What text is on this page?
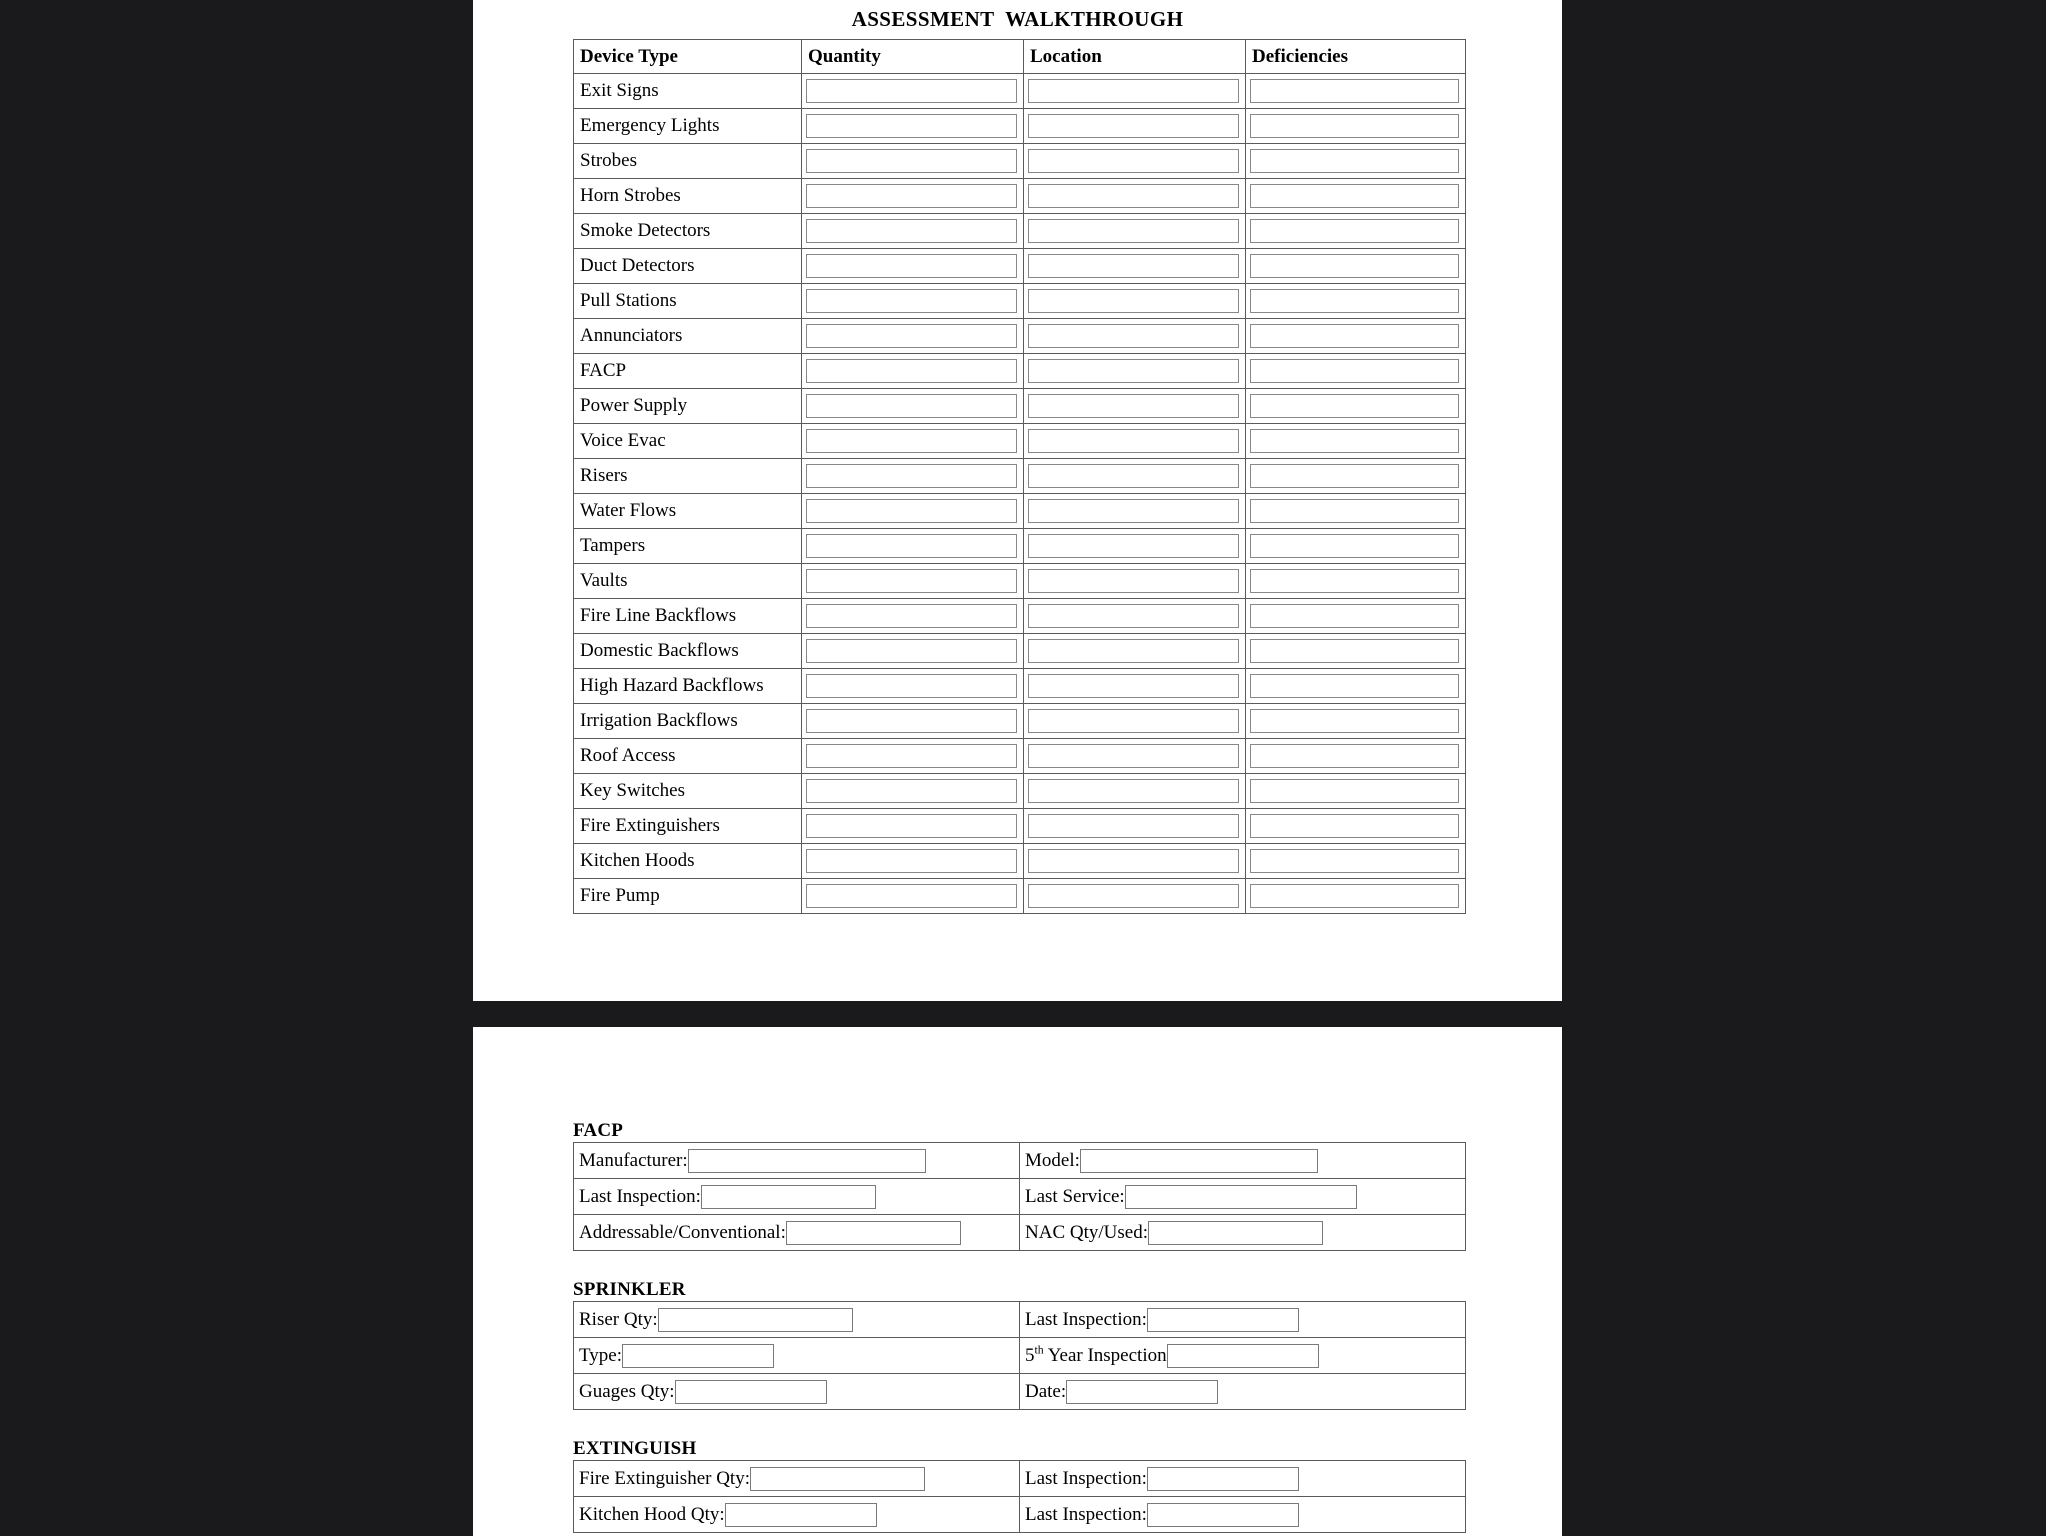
ASSESSMENT  WALKTHROUGH
Device Type	Quantity	Location	Deficiencies
Exit Signs	

Emergency Lights	

Strobes	

Horn Strobes	

Smoke Detectors	

Duct Detectors	

Pull Stations	

Annunciators	

FACP	

Power Supply	

Voice Evac	

Risers	

Water Flows	

Tampers	

Vaults	

Fire Line Backflows	

Domestic Backflows	

High Hazard Backflows	

Irrigation Backflows	

Roof Access	

Key Switches	

Fire Extinguishers	

Kitchen Hoods	

Fire Pump	

FACP
Manufacturer:	Model:

Last Inspection:	Last Service:

Addressable/Conventional:	NAC Qty/Used:
SPRINKLER
Riser Qty:	Last Inspection:

Type:	5th Year Inspection

Guages Qty:	Date:
EXTINGUISH
Fire Extinguisher Qty:	Last Inspection:

Kitchen Hood Qty:	Last Inspection:
